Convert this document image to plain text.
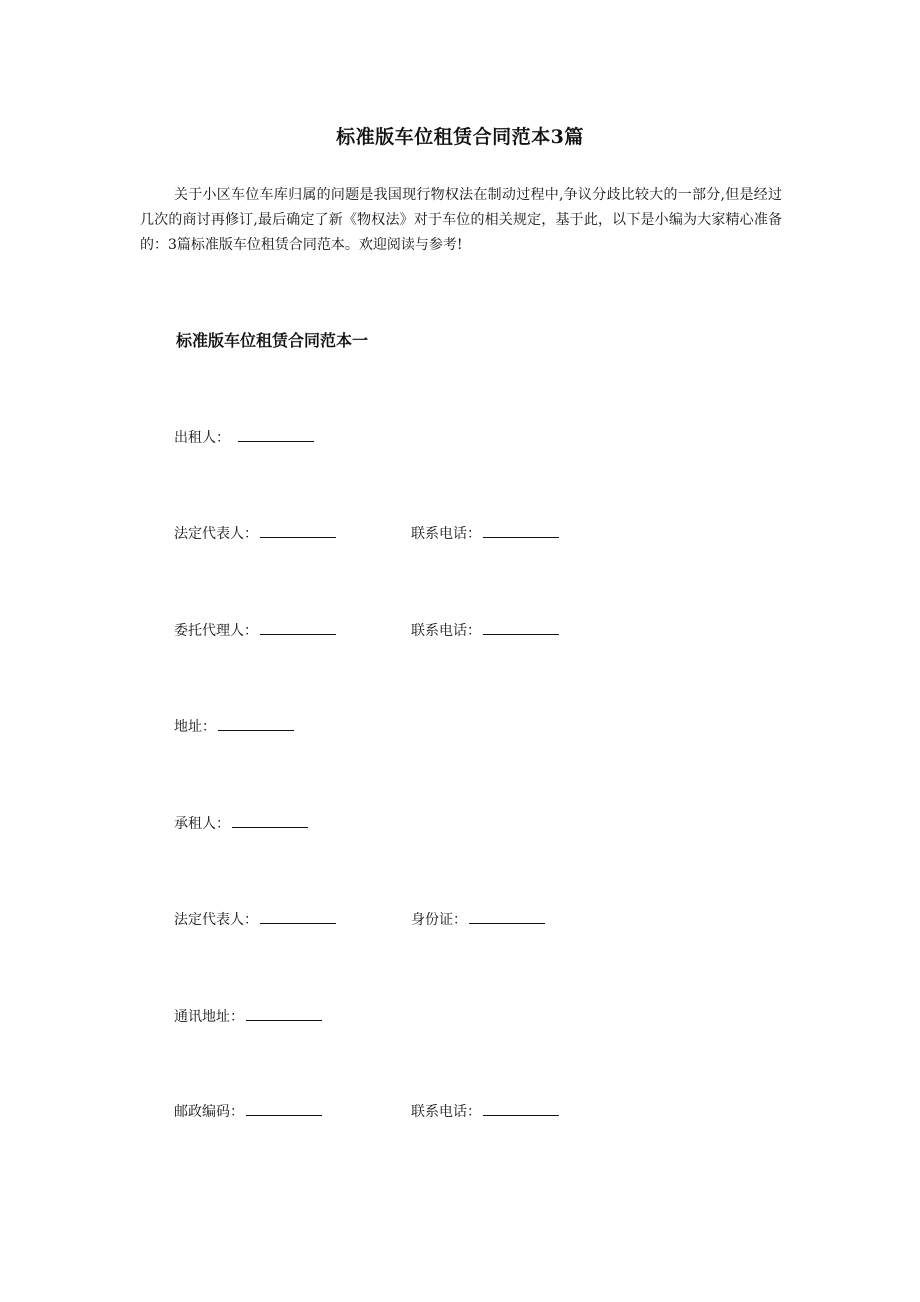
标准版车位租赁合同范本3篇
关于小区车位车库归属的问题是我国现行物权法在制动过程中,争议分歧比较大的一部分,但是经过几次的商讨再修订,最后确定了新《物权法》对于车位的相关规定，基于此，以下是小编为大家精心准备的：3篇标准版车位租赁合同范本。欢迎阅读与参考!
标准版车位租赁合同范本一
出租人：
法定代表人：	联系电话：
委托代理人：	联系电话：
地址：
承租人：
法定代表人：	身份证：
通讯地址：
邮政编码：	联系电话：
